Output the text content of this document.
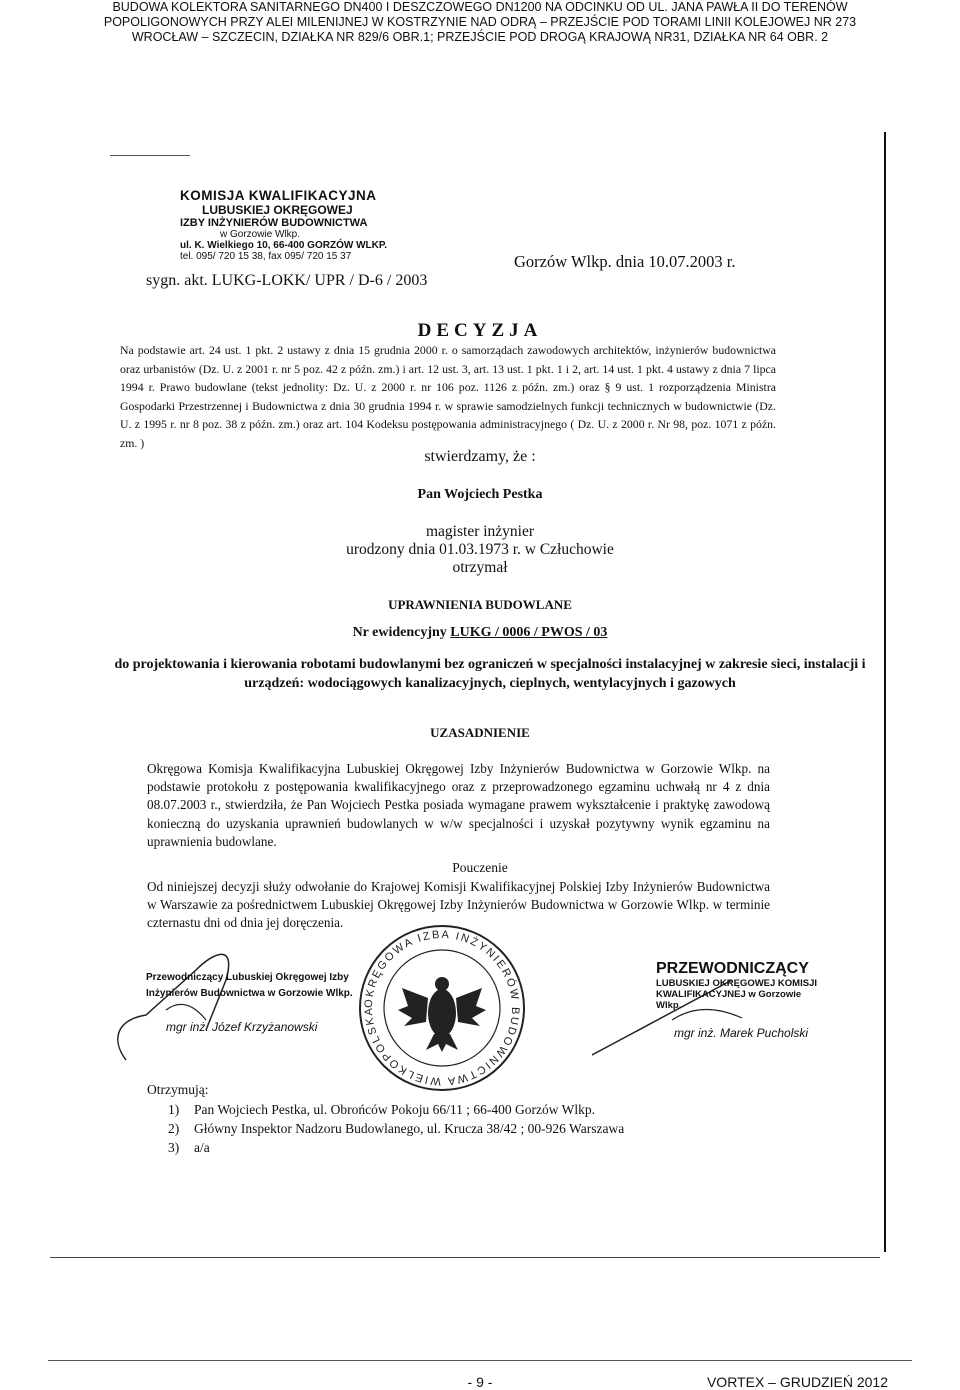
BUDOWA KOLEKTORA SANITARNEGO DN400 I DESZCZOWEGO DN1200 NA ODCINKU OD UL. JANA PAWŁA II DO TERENÓW
POPOLIGONOWYCH PRZY ALEI MILENIJNEJ W KOSTRZYNIE NAD ODRĄ – PRZEJŚCIE POD TORAMI LINII KOLEJOWEJ NR 273
WROCŁAW – SZCZECIN, DZIAŁKA NR 829/6 OBR.1; PRZEJŚCIE POD DROGĄ KRAJOWĄ NR31, DZIAŁKA NR 64 OBR. 2
KOMISJA KWALIFIKACYJNA
LUBUSKIEJ OKRĘGOWEJ
IZBY INŻYNIERÓW BUDOWNICTWA
w Gorzowie Wlkp.
ul. K. Wielkiego 10, 66-400 GORZÓW WLKP.
tel. 095/ 720 15 38, fax 095/ 720 15 37
sygn. akt. LUKG-LOKK/ UPR / D-6 / 2003
Gorzów Wlkp. dnia 10.07.2003 r.
DECYZJA

Na podstawie art. 24 ust. 1 pkt. 2 ustawy z dnia 15 grudnia 2000 r. o samorządach zawodowych architektów, inżynierów budownictwa oraz urbanistów (Dz. U. z 2001 r. nr 5 poz. 42 z późn. zm.) i art. 12 ust. 3, art. 13 ust. 1 pkt. 1 i 2, art. 14 ust. 1 pkt. 4 ustawy z dnia 7 lipca 1994 r. Prawo budowlane (tekst jednolity: Dz. U. z 2000 r. nr 106 poz. 1126 z późn. zm.) oraz § 9 ust. 1 rozporządzenia Ministra Gospodarki Przestrzennej i Budownictwa z dnia 30 grudnia 1994 r. w sprawie samodzielnych funkcji technicznych w budownictwie (Dz. U. z 1995 r. nr 8 poz. 38 z późn. zm.) oraz art. 104 Kodeksu postępowania administracyjnego ( Dz. U. z 2000 r. Nr 98, poz. 1071 z późn. zm. )

stwierdzamy, że :
Pan Wojciech Pestka
magister inżynier
urodzony dnia 01.03.1973 r. w Człuchowie
otrzymał
UPRAWNIENIA BUDOWLANE
Nr ewidencyjny LUKG / 0006 / PWOS / 03
do projektowania i kierowania robotami budowlanymi bez ograniczeń w specjalności instalacyjnej w zakresie sieci, instalacji i urządzeń: wodociągowych kanalizacyjnych, cieplnych, wentylacyjnych i gazowych
UZASADNIENIE
Okręgowa Komisja Kwalifikacyjna Lubuskiej Okręgowej Izby Inżynierów Budownictwa w Gorzowie Wlkp. na podstawie protokołu z postępowania kwalifikacyjnego oraz z przeprowadzonego egzaminu uchwałą nr 4 z dnia 08.07.2003 r., stwierdziła, że Pan Wojciech Pestka posiada wymagane prawem wykształcenie i praktykę zawodową konieczną do uzyskania uprawnień budowlanych w w/w specjalności i uzyskał pozytywny wynik egzaminu na uprawnienia budowlane.
Pouczenie
Od niniejszej decyzji służy odwołanie do Krajowej Komisji Kwalifikacyjnej Polskiej Izby Inżynierów Budownictwa w Warszawie za pośrednictwem Lubuskiej Okręgowej Izby Inżynierów Budownictwa w Gorzowie Wlkp. w terminie czternastu dni od dnia jej doręczenia.
Przewodniczący Lubuskiej Okręgowej Izby
Inżynierów Budownictwa w Gorzowie Wlkp.
mgr inż. Józef Krzyżanowski
OKRĘGOWA IZBA INŻYNIERÓW BUDOWNICTWA WIELKOPOLSKA
PRZEWODNICZĄCY
LUBUSKIEJ OKRĘGOWEJ KOMISJI KWALIFIKACYJNEJ w Gorzowie Wlkp.
mgr inż. Marek Pucholski
Otrzymują:
1) Pan Wojciech Pestka, ul. Obrońców Pokoju 66/11 ; 66-400 Gorzów Wlkp.
2) Główny Inspektor Nadzoru Budowlanego, ul. Krucza 38/42 ; 00-926 Warszawa
3) a/a
- 9 -	VORTEX – GRUDZIEŃ 2012
